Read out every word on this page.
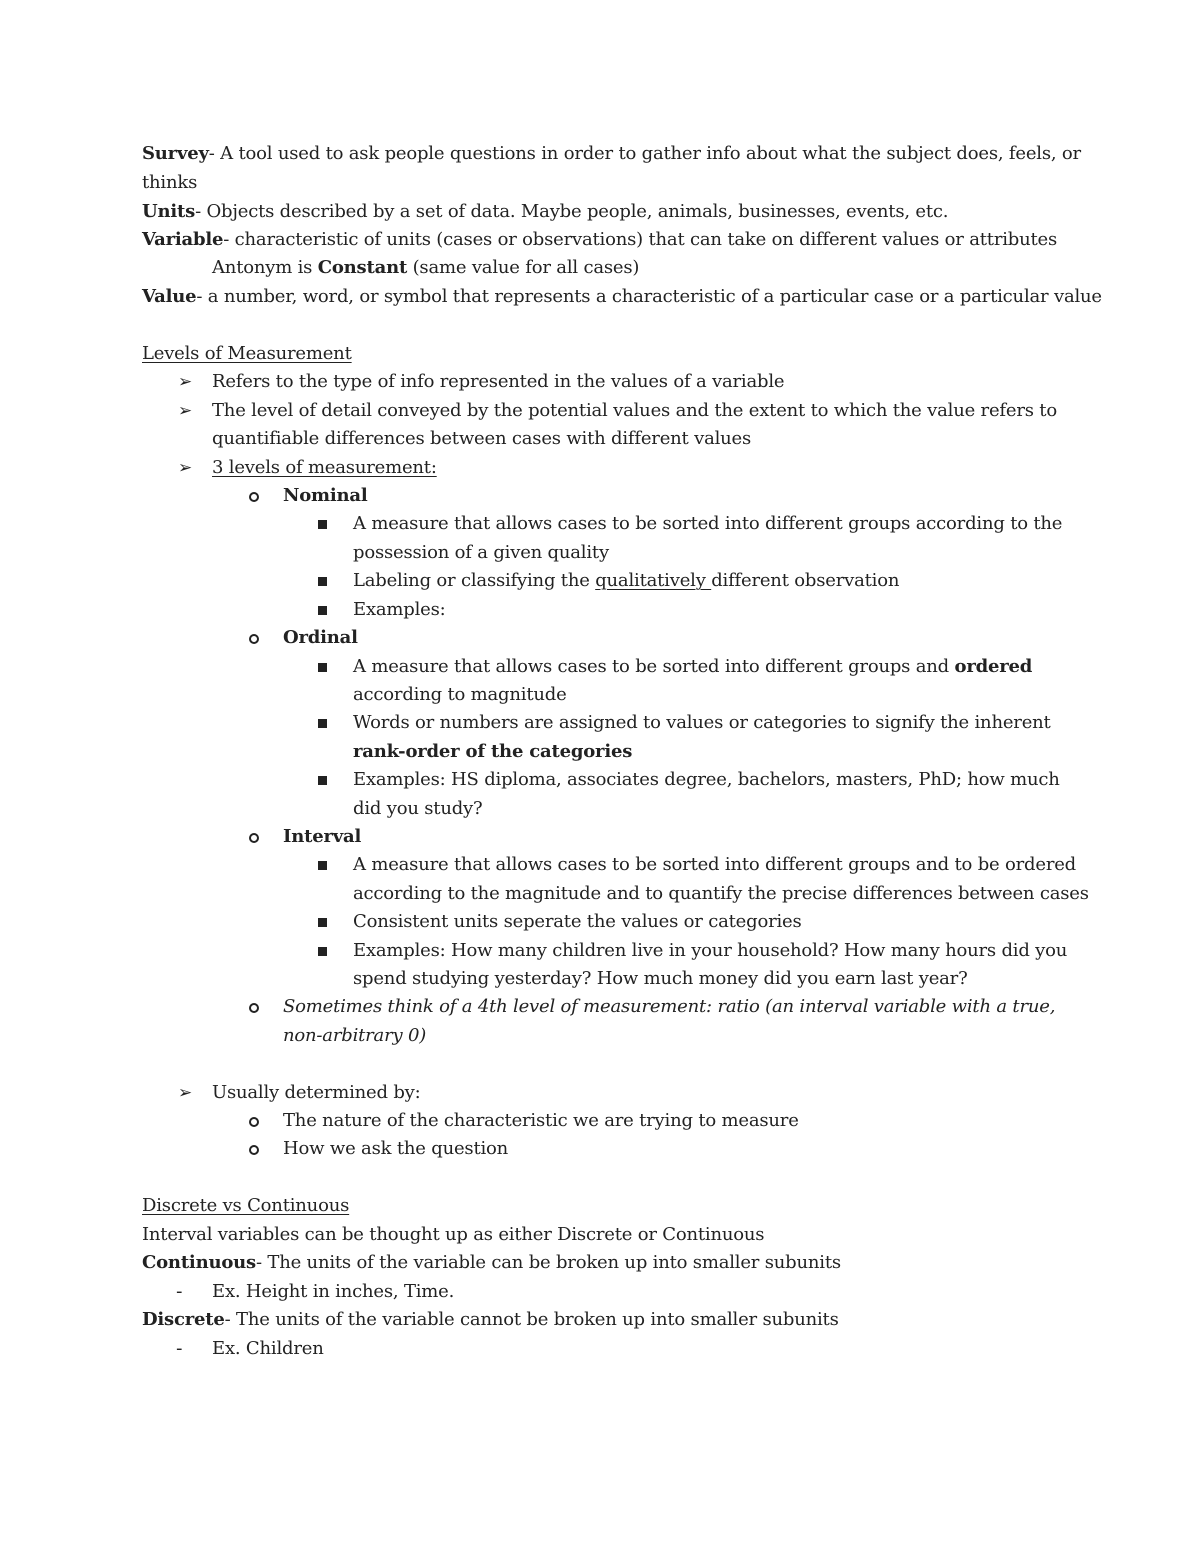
Survey- A tool used to ask people questions in order to gather info about what the subject does, feels, or
thinks
Units- Objects described by a set of data. Maybe people, animals, businesses, events, etc.
Variable- characteristic of units (cases or observations) that can take on different values or attributes
Antonym is Constant (same value for all cases)
Value- a number, word, or symbol that represents a characteristic of a particular case or a particular value
Levels of Measurement
➢ Refers to the type of info represented in the values of a variable
➢ The level of detail conveyed by the potential values and the extent to which the value refers to
quantifiable differences between cases with different values
➢ 3 levels of measurement:
Nominal
A measure that allows cases to be sorted into different groups according to the
possession of a given quality
Labeling or classifying the qualitatively different observation
Examples:
Ordinal
A measure that allows cases to be sorted into different groups and ordered
according to magnitude
Words or numbers are assigned to values or categories to signify the inherent
rank-order of the categories
Examples: HS diploma, associates degree, bachelors, masters, PhD; how much
did you study?
Interval
A measure that allows cases to be sorted into different groups and to be ordered
according to the magnitude and to quantify the precise differences between cases
Consistent units seperate the values or categories
Examples: How many children live in your household? How many hours did you
spend studying yesterday? How much money did you earn last year?
Sometimes think of a 4th level of measurement: ratio (an interval variable with a true,
non-arbitrary 0)
➢ Usually determined by:
The nature of the characteristic we are trying to measure
How we ask the question
Discrete vs Continuous
Interval variables can be thought up as either Discrete or Continuous
Continuous- The units of the variable can be broken up into smaller subunits
- Ex. Height in inches, Time.
Discrete- The units of the variable cannot be broken up into smaller subunits
- Ex. Children
